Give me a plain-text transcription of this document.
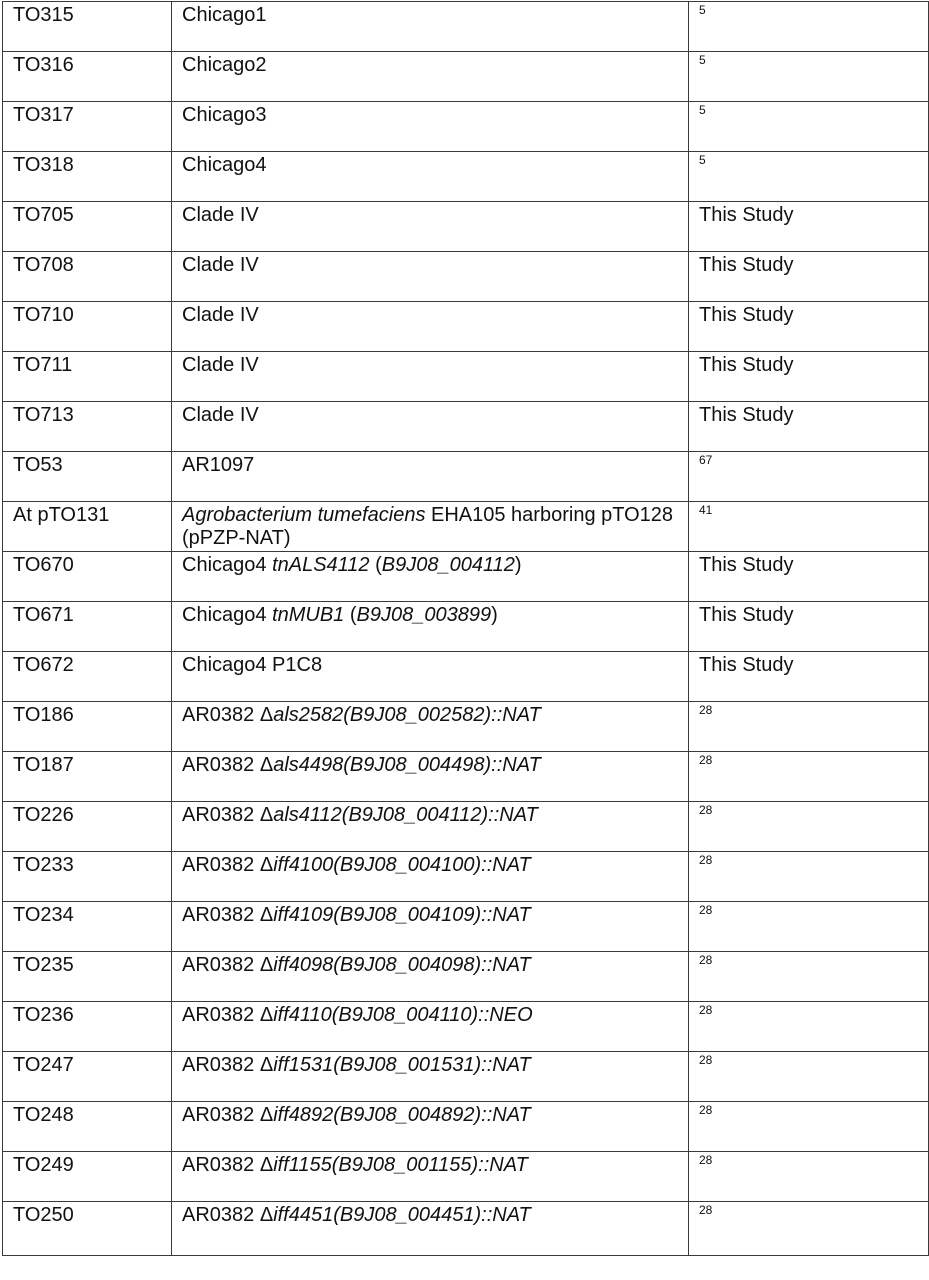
TO315	Chicago1	5
TO316	Chicago2	5
TO317	Chicago3	5
TO318	Chicago4	5
TO705	Clade IV	This Study
TO708	Clade IV	This Study
TO710	Clade IV	This Study
TO711	Clade IV	This Study
TO713	Clade IV	This Study
TO53	AR1097	67
At pTO131	Agrobacterium tumefaciens EHA105 harboring pTO128 (pPZP-NAT)	41
TO670	Chicago4 tnALS4112 (B9J08_004112)	This Study
TO671	Chicago4 tnMUB1 (B9J08_003899)	This Study
TO672	Chicago4 P1C8	This Study
TO186	AR0382 Δals2582(B9J08_002582)::NAT	28
TO187	AR0382 Δals4498(B9J08_004498)::NAT	28
TO226	AR0382 Δals4112(B9J08_004112)::NAT	28
TO233	AR0382 Δiff4100(B9J08_004100)::NAT	28
TO234	AR0382 Δiff4109(B9J08_004109)::NAT	28
TO235	AR0382 Δiff4098(B9J08_004098)::NAT	28
TO236	AR0382 Δiff4110(B9J08_004110)::NEO	28
TO247	AR0382 Δiff1531(B9J08_001531)::NAT	28
TO248	AR0382 Δiff4892(B9J08_004892)::NAT	28
TO249	AR0382 Δiff1155(B9J08_001155)::NAT	28
TO250	AR0382 Δiff4451(B9J08_004451)::NAT	28
